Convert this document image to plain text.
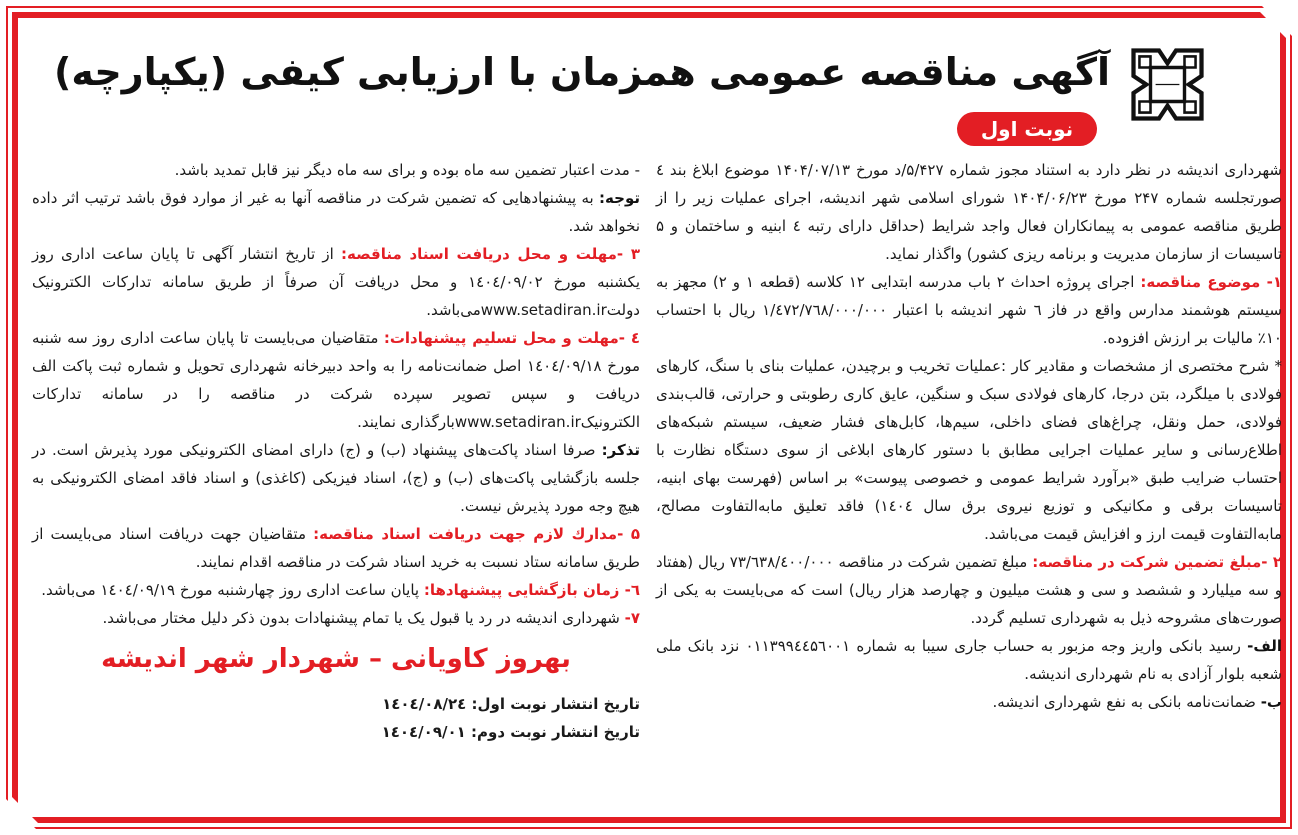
آگهی مناقصه عمومی همزمان با ارزیابی کیفی (یکپارچه)
نوبت اول

شهرداری اندیشه در نظر دارد به استناد مجوز شماره ۵/۴۲۷/د مورخ ۱۴۰۴/۰۷/۱۳ موضوع ابلاغ بند ٤ صورتجلسه شماره ۲۴۷ مورخ ۱۴۰۴/۰۶/۲۳ شورای اسلامی شهر اندیشه، اجرای عملیات زیر را از طریق مناقصه عمومی به پیمانکاران فعال واجد شرایط (حداقل دارای رتبه ٤ ابنیه و ساختمان و ۵ تاسیسات از سازمان مدیریت و برنامه ریزی کشور) واگذار نماید.

۱- موضوع مناقصه: اجرای پروژه احداث ۲ باب مدرسه ابتدایی ۱۲ کلاسه (قطعه ۱ و ۲) مجهز به سیستم هوشمند مدارس واقع در فاز ٦ شهر اندیشه با اعتبار ۱/٤۷۲/۷٦۸/۰۰۰/۰۰۰ ریال با احتساب ۱۰٪ مالیات بر ارزش افزوده.

* شرح مختصری از مشخصات و مقادیر کار :عملیات تخریب و برچیدن، عملیات بنای با سنگ، کارهای فولادی با میلگرد، بتن درجا، کارهای فولادی سبک و سنگین، عایق کاری رطوبتی و حرارتی، قالب‌بندی فولادی، حمل ونقل، چراغ‌های فضای داخلی، سیم‌ها، کابل‌های فشار ضعیف، سیستم شبکه‌های اطلاع‌رسانی و سایر عملیات اجرایی مطابق با دستور کارهای ابلاغی از سوی دستگاه نظارت با احتساب ضرایب طبق «برآورد شرایط عمومی و خصوصی پیوست» بر اساس (فهرست بهای ابنیه، تاسیسات برقی و مکانیکی و توزیع نیروی برق سال ۱٤۰٤) فاقد تعلیق مابه‌التفاوت مصالح، مابه‌التفاوت قیمت ارز و افزایش قیمت می‌باشد.

۲ -مبلغ تضمین شرکت در مناقصه: مبلغ تضمین شرکت در مناقصه ۷۳/٦۳۸/٤۰۰/۰۰۰ ریال (هفتاد و سه میلیارد و ششصد و سی و هشت میلیون و چهارصد هزار ریال) است که می‌بایست به یکی از صورت‌های مشروحه ذیل به شهرداری تسلیم گردد.

الف- رسید بانکی واریز وجه مزبور به حساب جاری سیبا به شماره ۰۱۱۳۹۹٤٤۵٦۰۰۱ نزد بانک ملی شعبه بلوار آزادی به نام شهرداری اندیشه.

ب- ضمانت‌نامه بانکی به نفع شهرداری اندیشه.

- مدت اعتبار تضمین سه ماه بوده و برای سه ماه دیگر نیز قابل تمدید باشد.

توجه: به پیشنهادهایی که تضمین شرکت در مناقصه آنها به غیر از موارد فوق باشد ترتیب اثر داده نخواهد شد.

۳ -مهلت و محل دریافت اسناد مناقصه: از تاریخ انتشار آگهی تا پایان ساعت اداری روز یکشنبه مورخ ۱٤۰٤/۰۹/۰۲ و محل دریافت آن صرفاً از طریق سامانه تدارکات الکترونیک دولتwww.setadiran.irمی‌باشد.

٤ -مهلت و محل تسلیم پیشنهادات: متقاضیان می‌بایست تا پایان ساعت اداری روز سه شنبه مورخ ۱٤۰٤/۰۹/۱۸ اصل ضمانت‌نامه را به واحد دبیرخانه شهرداری تحویل و شماره ثبت پاکت الف دریافت و سپس تصویر سپرده شرکت در مناقصه را در سامانه تدارکات الکترونیکwww.setadiran.irبارگذاری نمایند.

تذکر: صرفا اسناد پاکت‌های پیشنهاد (ب) و (ج) دارای امضای الکترونیکی مورد پذیرش است. در جلسه بازگشایی پاکت‌های (ب) و (ج)، اسناد فیزیکی (کاغذی) و اسناد فاقد امضای الکترونیکی به هیچ وجه مورد پذیرش نیست.

۵ -مدارك لازم جهت دریافت اسناد مناقصه: متقاضیان جهت دریافت اسناد می‌بایست از طریق سامانه ستاد نسبت به خرید اسناد شرکت در مناقصه اقدام نمایند.

٦- زمان بازگشایی پیشنهادها: پایان ساعت اداری روز چهارشنبه مورخ ۱٤۰٤/۰۹/۱۹ می‌باشد.

۷- شهرداری اندیشه در رد یا قبول یک یا تمام پیشنهادات بدون ذکر دلیل مختار می‌باشد.

بهروز کاویانی – شهردار شهر اندیشه
تاریخ انتشار نوبت اول: ۱٤۰٤/۰۸/۲٤
تاریخ انتشار نوبت دوم: ۱٤۰٤/۰۹/۰۱
